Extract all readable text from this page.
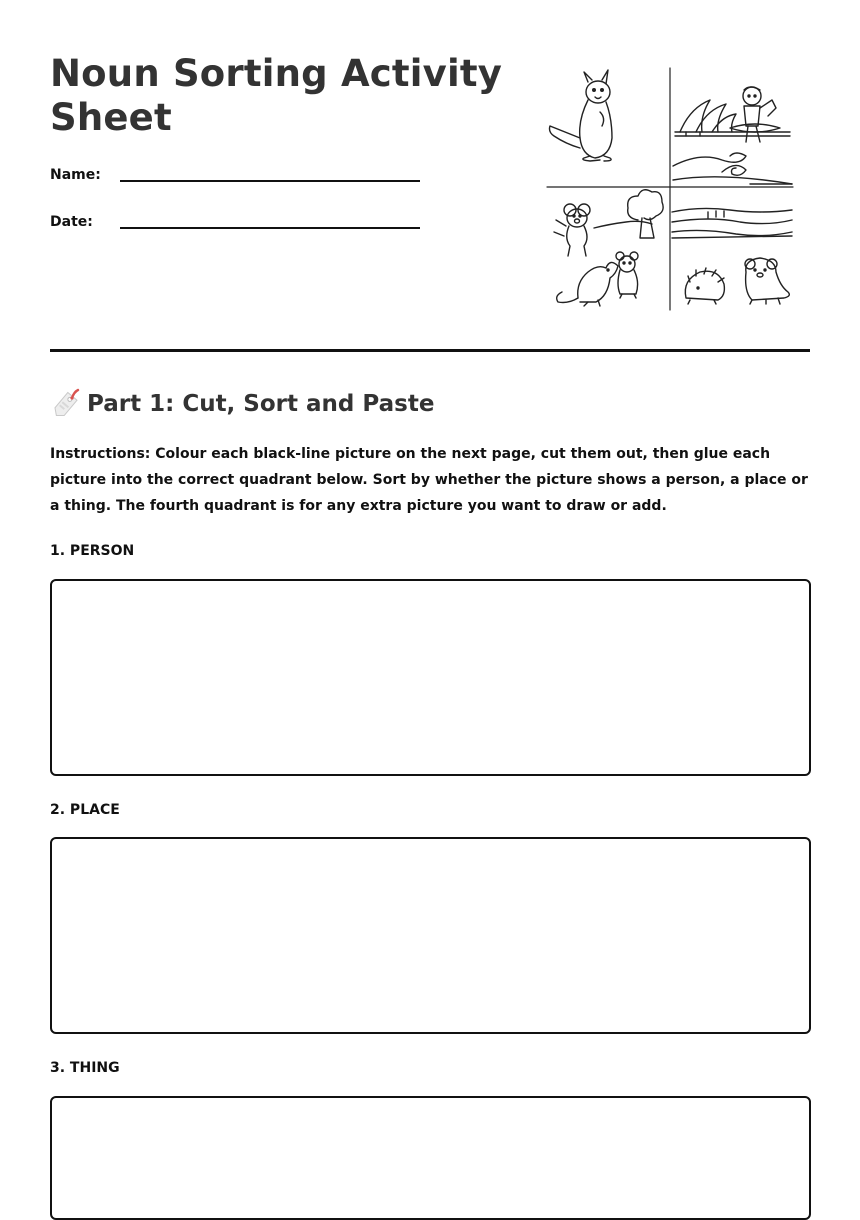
Noun Sorting Activity Sheet
Name:
Date:
Part 1: Cut, Sort and Paste

Instructions: Colour each black-line picture on the next page, cut them out, then glue each picture into the correct quadrant below. Sort by whether the picture shows a person, a place or a thing. The fourth quadrant is for any extra picture you want to draw or add.

1. PERSON
2. PLACE
3. THING
